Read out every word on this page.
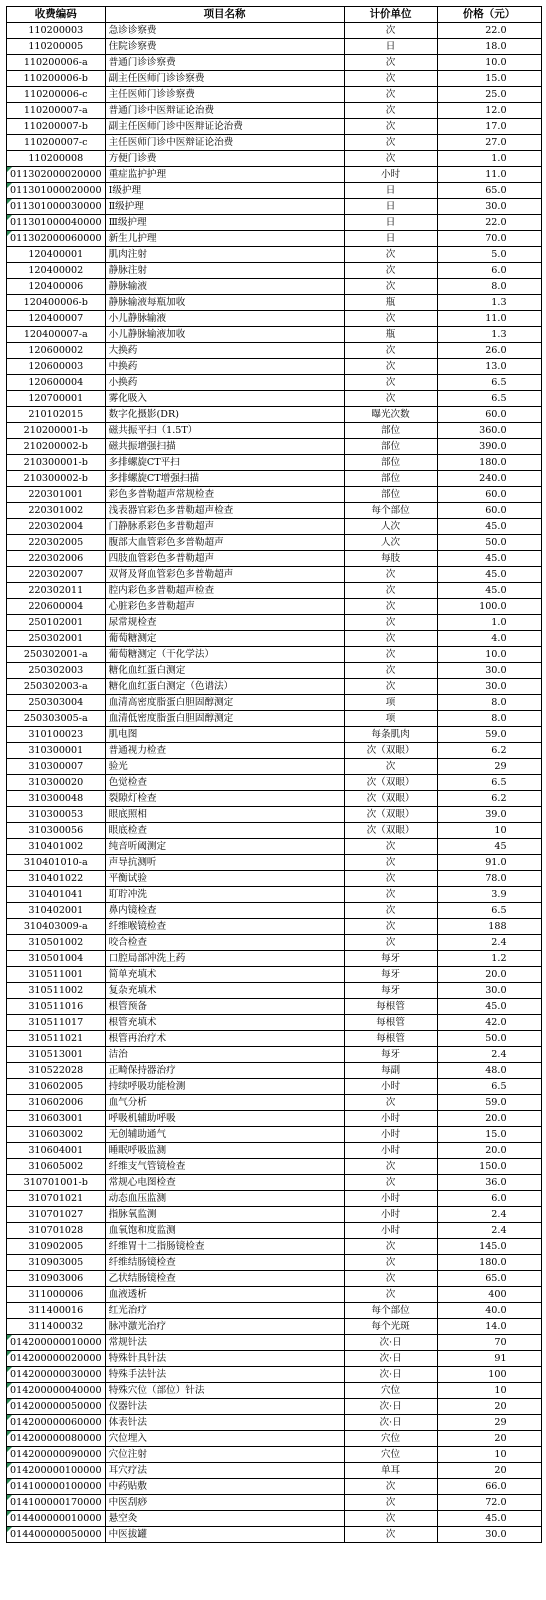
收费编码	项目名称	计价单位	价格（元）
110200003	急诊诊察费	次	22.0
110200005	住院诊察费	日	18.0
110200006-a	普通门诊诊察费	次	10.0
110200006-b	副主任医师门诊诊察费	次	15.0
110200006-c	主任医师门诊诊察费	次	25.0
110200007-a	普通门诊中医辩证论治费	次	12.0
110200007-b	副主任医师门诊中医辩证论治费	次	17.0
110200007-c	主任医师门诊中医辩证论治费	次	27.0
110200008	方便门诊费	次	1.0
011302000020000	重症监护护理	小时	11.0
011301000020000	Ⅰ级护理	日	65.0
011301000030000	Ⅱ级护理	日	30.0
011301000040000	Ⅲ级护理	日	22.0
011302000060000	新生儿护理	日	70.0
120400001	肌肉注射	次	5.0
120400002	静脉注射	次	6.0
120400006	静脉输液	次	8.0
120400006-b	静脉输液每瓶加收	瓶	1.3
120400007	小儿静脉输液	次	11.0
120400007-a	小儿静脉输液加收	瓶	1.3
120600002	大换药	次	26.0
120600003	中换药	次	13.0
120600004	小换药	次	6.5
120700001	雾化吸入	次	6.5
210102015	数字化摄影(DR)	曝光次数	60.0
210200001-b	磁共振平扫（1.5T）	部位	360.0
210200002-b	磁共振增强扫描	部位	390.0
210300001-b	多排螺旋CT平扫	部位	180.0
210300002-b	多排螺旋CT增强扫描	部位	240.0
220301001	彩色多普勒超声常规检查	部位	60.0
220301002	浅表器官彩色多普勒超声检查	每个部位	60.0
220302004	门静脉系彩色多普勒超声	人次	45.0
220302005	腹部大血管彩色多普勒超声	人次	50.0
220302006	四肢血管彩色多普勒超声	每肢	45.0
220302007	双肾及肾血管彩色多普勒超声	次	45.0
220302011	腔内彩色多普勒超声检查	次	45.0
220600004	心脏彩色多普勒超声	次	100.0
250102001	尿常规检查	次	1.0
250302001	葡萄糖测定	次	4.0
250302001-a	葡萄糖测定（干化学法）	次	10.0
250302003	糖化血红蛋白测定	次	30.0
250302003-a	糖化血红蛋白测定（色谱法）	次	30.0
250303004	血清高密度脂蛋白胆固醇测定	项	8.0
250303005-a	血清低密度脂蛋白胆固醇测定	项	8.0
310100023	肌电图	每条肌肉	59.0
310300001	普通视力检查	次（双眼）	6.2
310300007	验光	次	29
310300020	色觉检查	次（双眼）	6.5
310300048	裂隙灯检查	次（双眼）	6.2
310300053	眼底照相	次（双眼）	39.0
310300056	眼底检查	次（双眼）	10
310401002	纯音听阈测定	次	45
310401010-a	声导抗测听	次	91.0
310401022	平衡试验	次	78.0
310401041	耵聍冲洗	次	3.9
310402001	鼻内镜检查	次	6.5
310403009-a	纤维喉镜检查	次	188
310501002	咬合检查	次	2.4
310501004	口腔局部冲洗上药	每牙	1.2
310511001	简单充填术	每牙	20.0
310511002	复杂充填术	每牙	30.0
310511016	根管预备	每根管	45.0
310511017	根管充填术	每根管	42.0
310511021	根管再治疗术	每根管	50.0
310513001	洁治	每牙	2.4
310522028	正畸保持器治疗	每副	48.0
310602005	持续呼吸功能检测	小时	6.5
310602006	血气分析	次	59.0
310603001	呼吸机辅助呼吸	小时	20.0
310603002	无创辅助通气	小时	15.0
310604001	睡眠呼吸监测	小时	20.0
310605002	纤维支气管镜检查	次	150.0
310701001-b	常规心电图检查	次	36.0
310701021	动态血压监测	小时	6.0
310701027	指脉氧监测	小时	2.4
310701028	血氧饱和度监测	小时	2.4
310902005	纤维胃十二指肠镜检查	次	145.0
310903005	纤维结肠镜检查	次	180.0
310903006	乙状结肠镜检查	次	65.0
311000006	血液透析	次	400
311400016	红光治疗	每个部位	40.0
311400032	脉冲激光治疗	每个光斑	14.0
014200000010000	常规针法	次·日	70
014200000020000	特殊针具针法	次·日	91
014200000030000	特殊手法针法	次·日	100
014200000040000	特殊穴位（部位）针法	穴位	10
014200000050000	仪器针法	次·日	20
014200000060000	体表针法	次·日	29
014200000080000	穴位埋入	穴位	20
014200000090000	穴位注射	穴位	10
014200000100000	耳穴疗法	单耳	20
014100000100000	中药贴敷	次	66.0
014100000170000	中医刮痧	次	72.0
014400000010000	悬空灸	次	45.0
014400000050000	中医拔罐	次	30.0
